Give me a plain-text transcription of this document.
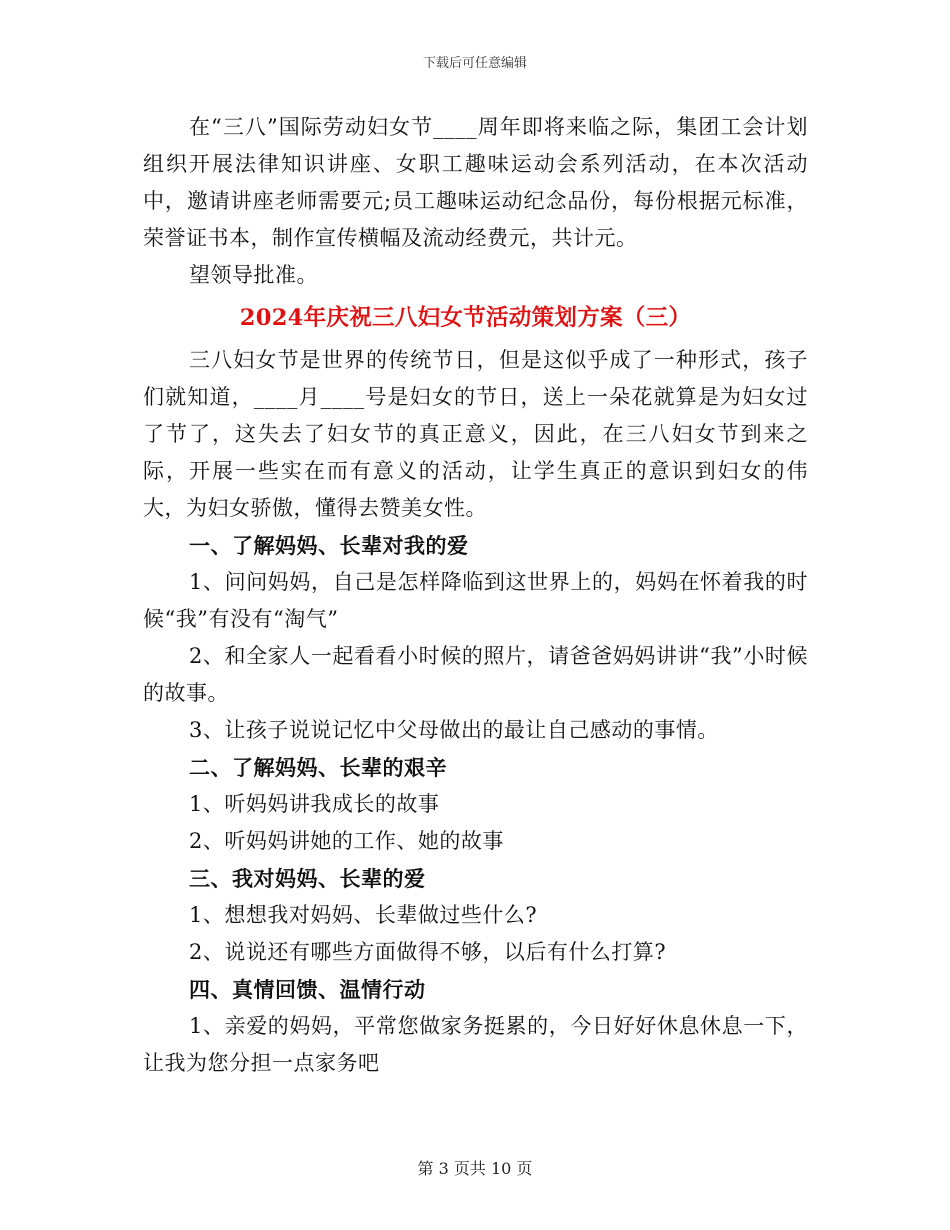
下载后可任意编辑

在“三八”国际劳动妇女节____周年即将来临之际，集团工会计划组织开展法律知识讲座、女职工趣味运动会系列活动，在本次活动中，邀请讲座老师需要元;员工趣味运动纪念品份，每份根据元标准，荣誉证书本，制作宣传横幅及流动经费元，共计元。

望领导批准。

2024年庆祝三八妇女节活动策划方案（三）

三八妇女节是世界的传统节日，但是这似乎成了一种形式，孩子们就知道，____月____号是妇女的节日，送上一朵花就算是为妇女过了节了，这失去了妇女节的真正意义，因此，在三八妇女节到来之际，开展一些实在而有意义的活动，让学生真正的意识到妇女的伟大，为妇女骄傲，懂得去赞美女性。

一、了解妈妈、长辈对我的爱

1、问问妈妈，自己是怎样降临到这世界上的，妈妈在怀着我的时候“我”有没有“淘气”

2、和全家人一起看看小时候的照片，请爸爸妈妈讲讲“我”小时候的故事。

3、让孩子说说记忆中父母做出的最让自己感动的事情。

二、了解妈妈、长辈的艰辛

1、听妈妈讲我成长的故事

2、听妈妈讲她的工作、她的故事

三、我对妈妈、长辈的爱

1、想想我对妈妈、长辈做过些什么?

2、说说还有哪些方面做得不够，以后有什么打算?

四、真情回馈、温情行动

1、亲爱的妈妈，平常您做家务挺累的，今日好好休息休息一下，让我为您分担一点家务吧

第 3 页共 10 页
